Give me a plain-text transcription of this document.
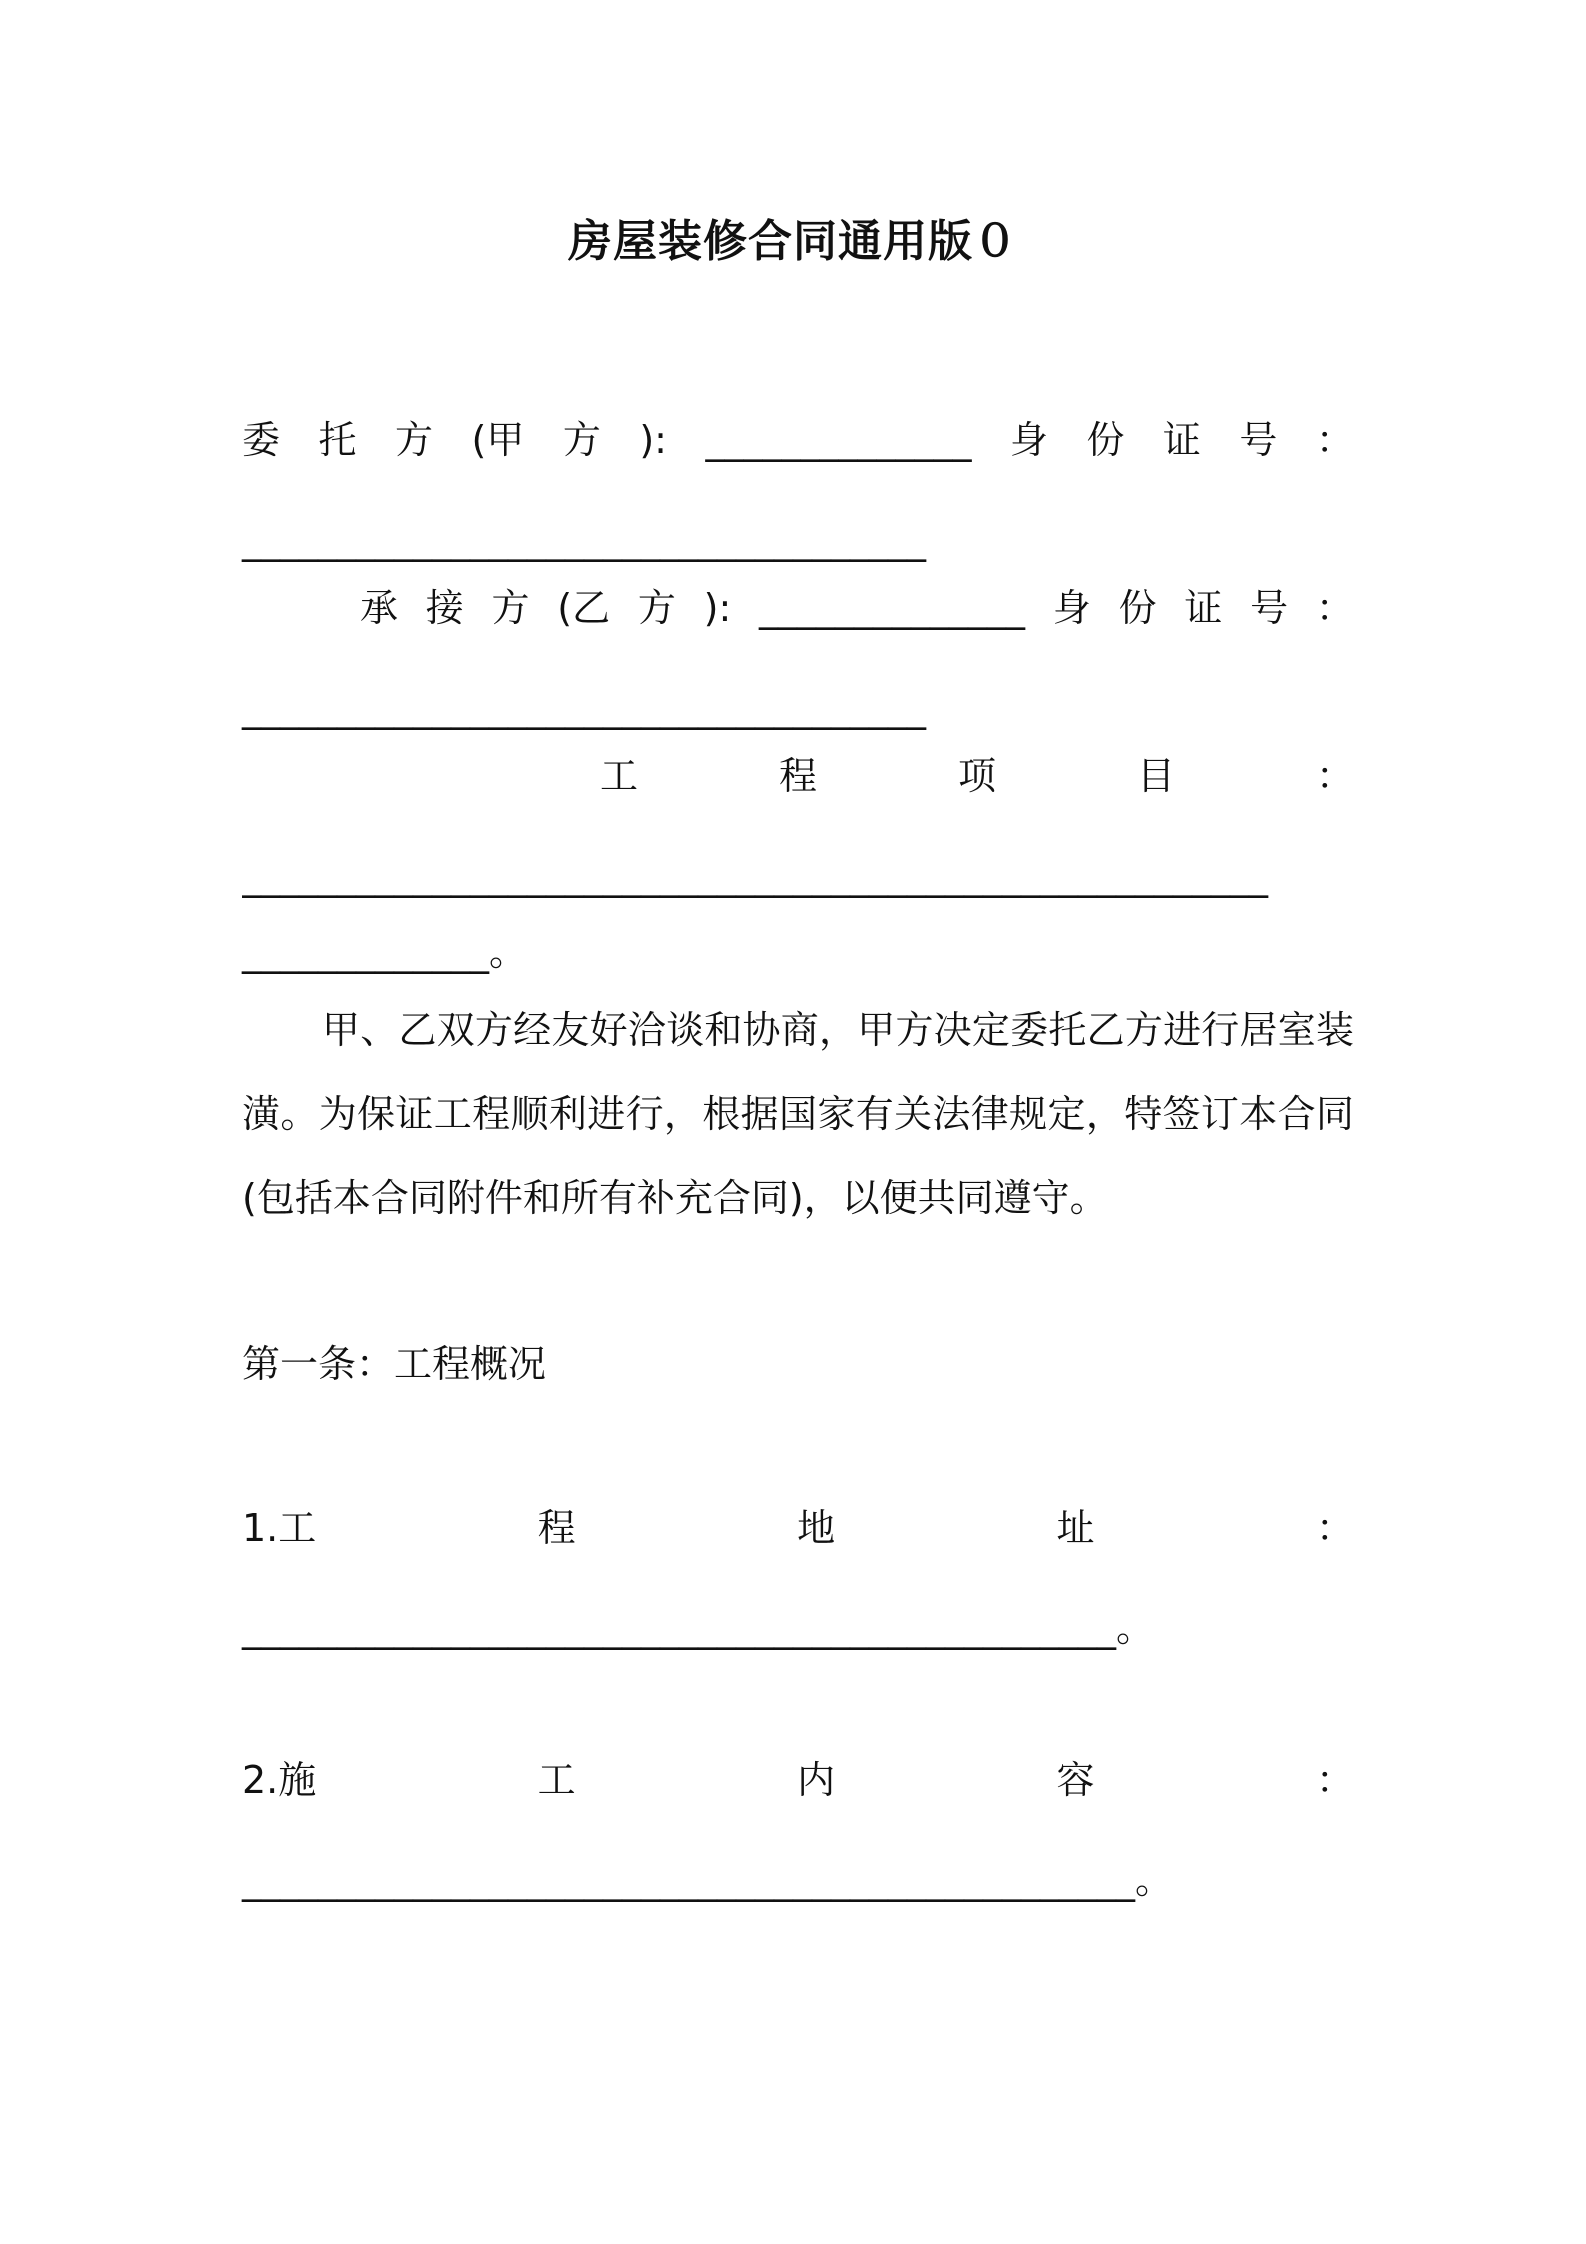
房屋装修合同通用版０
委 托 方 (甲 方 ): ______________ 身 份 证 号 ：
____________________________________
承 接 方 (乙 方 ): ______________ 身 份 证 号 ：
____________________________________
工	程	项	目	：
______________________________________________________
_____________。
甲、乙双方经友好洽谈和协商，甲方决定委托乙方进行居室装潢。为保证工程顺利进行，根据国家有关法律规定，特签订本合同(包括本合同附件和所有补充合同)，以便共同遵守。
第一条：工程概况
1.工	程	地	址	：
______________________________________________。
2.施	工	内	容	：
_______________________________________________。
